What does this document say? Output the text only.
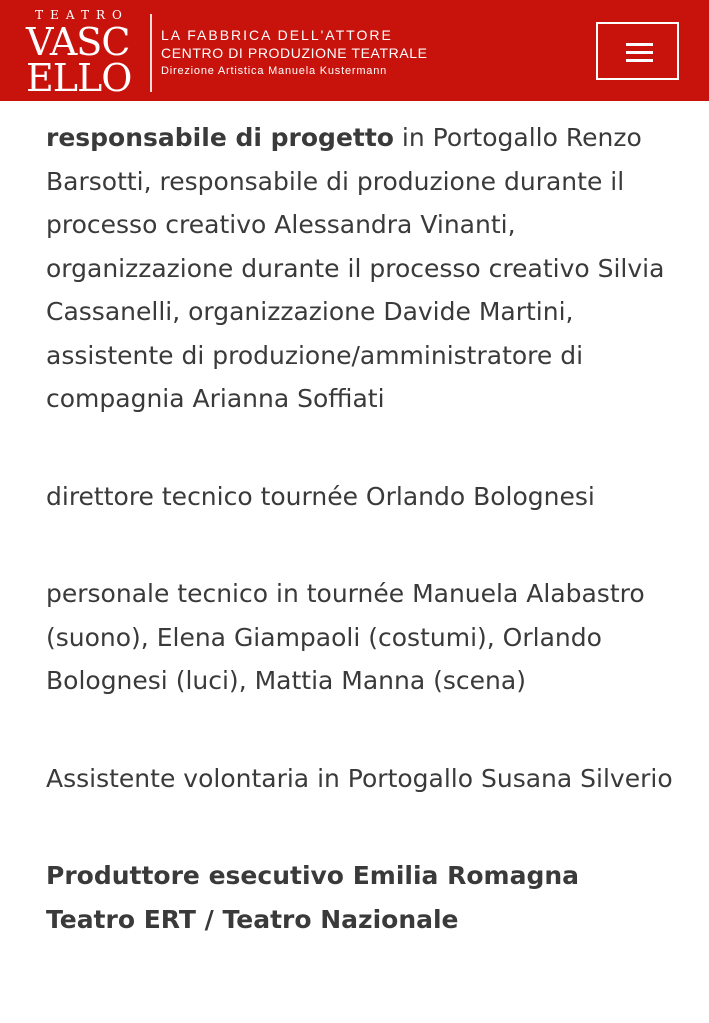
TEATRO
VASC
ELLO
LA FABBRICA DELL'ATTORE
CENTRO DI PRODUZIONE TEATRALE
Direzione Artistica Manuela Kustermann

responsabile di progetto in Portogallo Renzo Barsotti, responsabile di produzione durante il processo creativo Alessandra Vinanti, organizzazione durante il processo creativo Silvia Cassanelli, organizzazione Davide Martini, assistente di produzione/amministratore di compagnia Arianna Soffiati

direttore tecnico tournée Orlando Bolognesi

personale tecnico in tournée Manuela Alabastro (suono), Elena Giampaoli (costumi), Orlando Bolognesi (luci), Mattia Manna (scena)

Assistente volontaria in Portogallo Susana Silverio

Produttore esecutivo Emilia Romagna Teatro ERT / Teatro Nazionale
